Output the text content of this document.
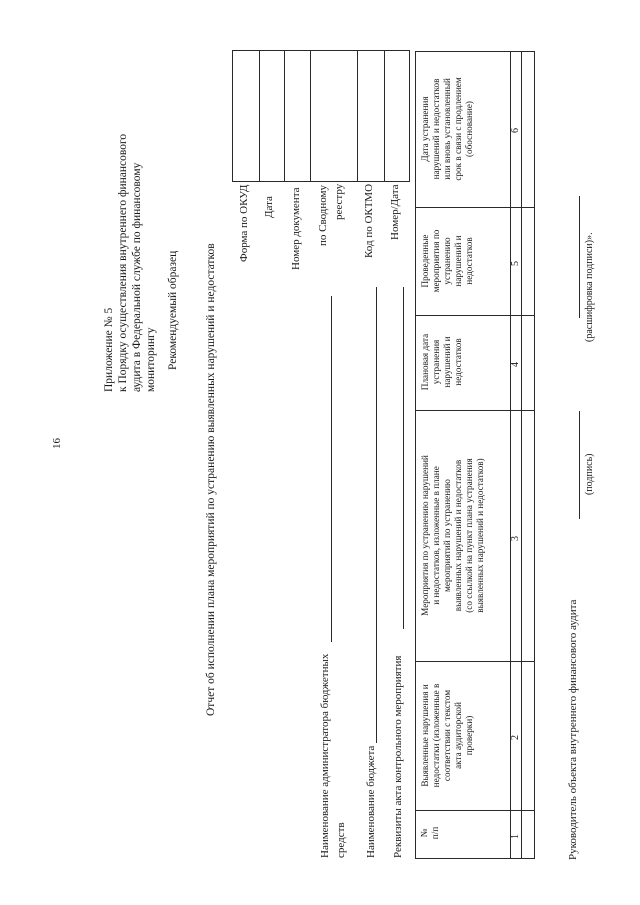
16
Приложение № 5 к Порядку осуществления внутреннего финансового аудита в Федеральной службе по финансовому мониторингу Рекомендуемый образец Отчет об исполнении плана мероприятий по устранению выявленных нарушений и недостатков
Форма по ОКУД Дата Номер документа по Сводному реестру Код по ОКТМО Номер/Дата
Наименование администратора бюджетных средств Наименование бюджета Реквизиты акта контрольного мероприятия № п/п
Выявленные нарушения и недостатки (изложенные в соответствии с текстом акта аудиторской проверки)
Мероприятия по устранению нарушений и недостатков, изложенные в плане мероприятий по устранению выявленных нарушений и недостатков (со ссылкой на пункт плана устранения выявленных нарушений и недостатков)
Плановая дата устранения нарушений и недостатков
Проведенные мероприятия по устранению нарушений и недостатков
Дата устранения нарушений и недостатков или вновь установленный срок в связи с продлением (обоснование)
1
2
3
4
5
6
Руководитель объекта внутреннего финансового аудита
(подпись)
(расшифровка подписи)».
